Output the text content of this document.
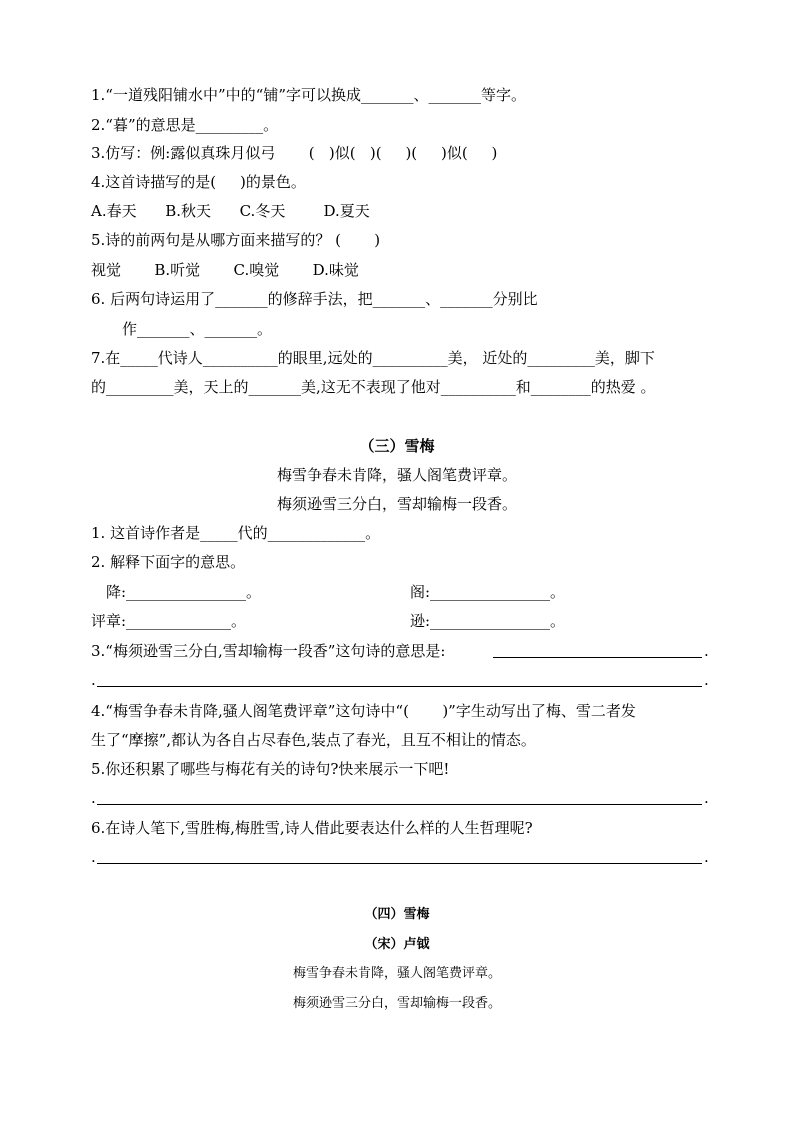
1.“一道残阳铺水中”中的“铺”字可以换成_______、_______等字。
2.“暮”的意思是_________。
3.仿写：例:露似真珠月似弓       (   )似(   )(     )(     )似(     )
4.这首诗描写的是(     )的景色。
A.春天      B.秋天      C.冬天        D.夏天
5.诗的前两句是从哪方面来描写的？ (       )
视觉       B.听觉       C.嗅觉       D.味觉
6. 后两句诗运用了_______的修辞手法，把_______、_______分别比
作_______、_______。
7.在_____代诗人__________的眼里,远处的__________美， 近处的_________美，脚下
的_________美，天上的_______美,这无不表现了他对__________和________的热爱 。
（三）雪梅
梅雪争春未肯降，骚人阁笔费评章。
梅须逊雪三分白，雪却输梅一段香。
1. 这首诗作者是_____代的_____________。
2. 解释下面字的意思。
降:________________。	阁:________________。
评章:______________。	逊:________________。
3.“梅须逊雪三分白,雪却输梅一段香”这句诗的意思是:	.
.	.
4.“梅雪争春未肯降,骚人阁笔费评章”这句诗中“(       )”字生动写出了梅、雪二者发
生了“摩擦”,都认为各自占尽春色,装点了春光，且互不相让的情态。
5.你还积累了哪些与梅花有关的诗句?快来展示一下吧!
.	.
6.在诗人笔下,雪胜梅,梅胜雪,诗人借此要表达什么样的人生哲理呢?
.	.
（四）雪梅
（宋）卢钺
梅雪争春未肯降，骚人阁笔费评章。
梅须逊雪三分白，雪却输梅一段香。
